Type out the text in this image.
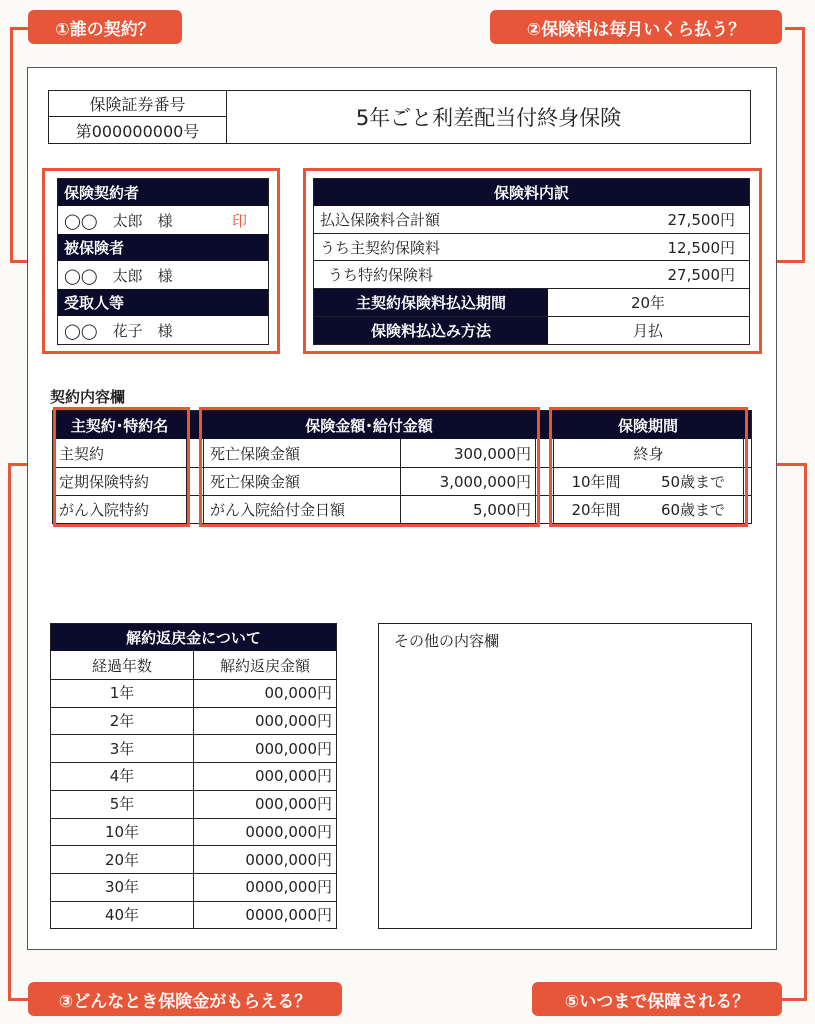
①誰の契約？	②保険料は毎月いくら払う？
③どんなとき保険金がもらえる？	⑤いつまで保障される？
保険証券番号
第000000000号
5年ごと利差配当付終身保険
保険契約者
◯◯　太郎　様	印
被保険者
◯◯　太郎　様
受取人等
◯◯　花子　様
保険料内訳
払込保険料合計額	27,500円
うち主契約保険料	12,500円
うち特約保険料	27,500円
主契約保険料払込期間	20年
保険料払込み方法	月払
契約内容欄
主契約･特約名	保険金額･給付金額	保険期間
主契約	死亡保険金額	300,000円	終身
定期保険特約	死亡保険金額	3,000,000円	10年間	50歳まで
がん入院特約	がん入院給付金日額	5,000円	20年間	60歳まで
解約返戻金について
経過年数	解約返戻金額
1年	00,000円
2年	000,000円
3年	000,000円
4年	000,000円
5年	000,000円
10年	0000,000円
20年	0000,000円
30年	0000,000円
40年	0000,000円
その他の内容欄
